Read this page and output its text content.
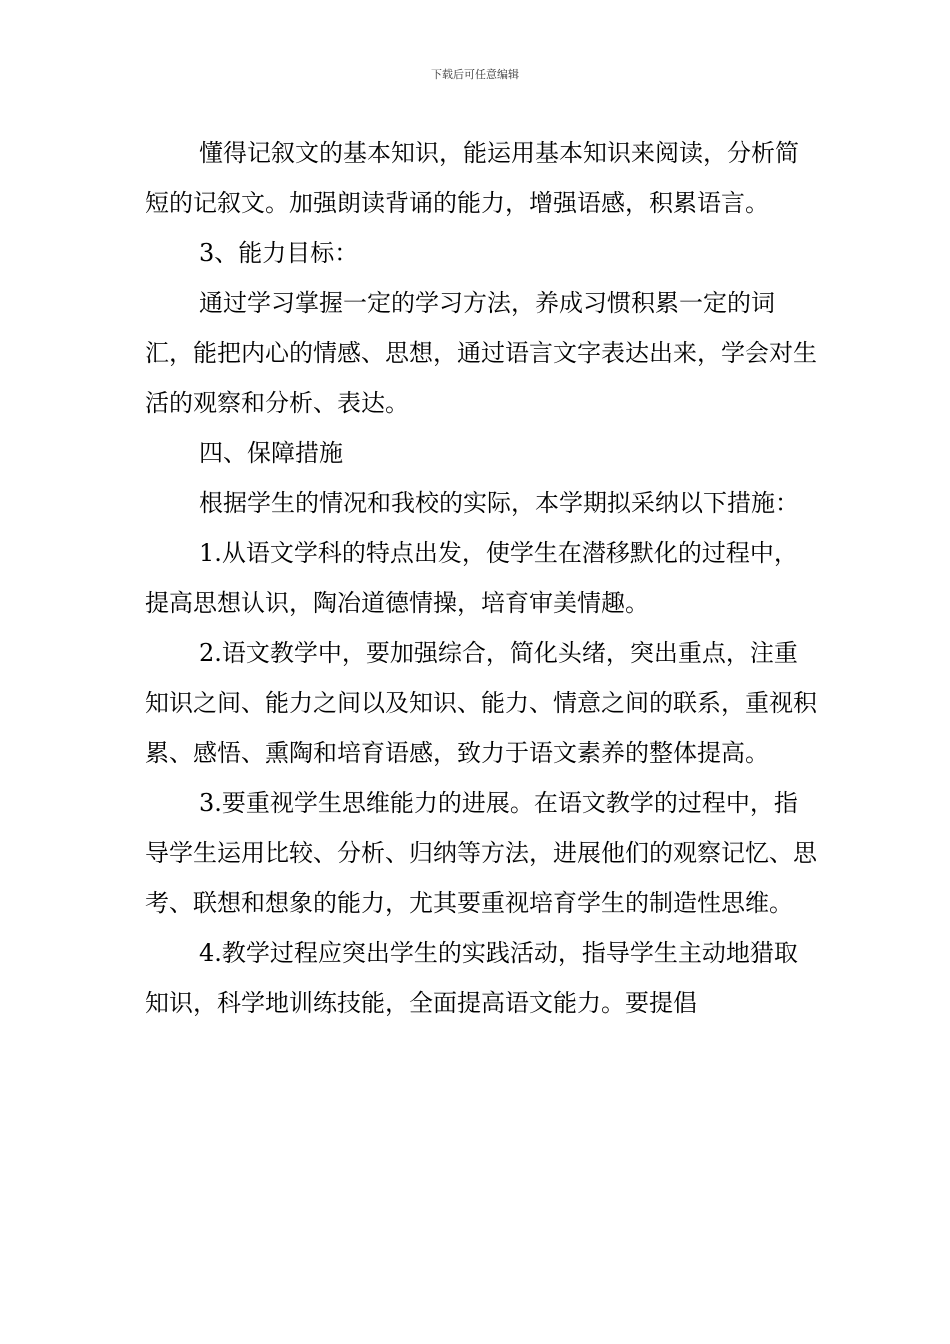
下载后可任意编辑

懂得记叙文的基本知识，能运用基本知识来阅读，分析简短的记叙文。加强朗读背诵的能力，增强语感，积累语言。

3、能力目标：

通过学习掌握一定的学习方法，养成习惯积累一定的词汇，能把内心的情感、思想，通过语言文字表达出来，学会对生活的观察和分析、表达。

四、保障措施

根据学生的情况和我校的实际，本学期拟采纳以下措施：

1.从语文学科的特点出发，使学生在潜移默化的过程中，提高思想认识，陶冶道德情操，培育审美情趣。

2.语文教学中，要加强综合，简化头绪，突出重点，注重知识之间、能力之间以及知识、能力、情意之间的联系，重视积累、感悟、熏陶和培育语感，致力于语文素养的整体提高。

3.要重视学生思维能力的进展。在语文教学的过程中，指导学生运用比较、分析、归纳等方法，进展他们的观察记忆、思考、联想和想象的能力，尤其要重视培育学生的制造性思维。

4.教学过程应突出学生的实践活动，指导学生主动地猎取知识，科学地训练技能，全面提高语文能力。要提倡
